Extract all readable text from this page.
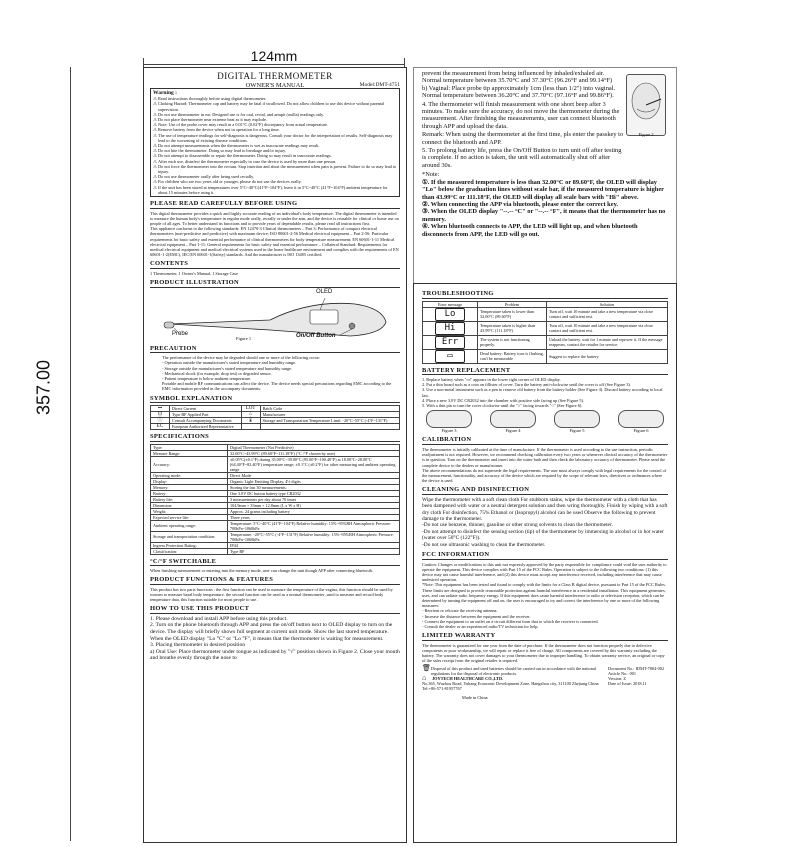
124mm
357.00
DIGITAL THERMOMETER
OWNER'S MANUAL	Model:DMT-4751
Warning :
⚠ Read instructions thoroughly before using digital thermometer.
⚠ Choking Hazard: Thermometer cap and battery may be fatal if swallowed. Do not allow children to use this device without parental supervision.
⚠ Do not use thermometer in ear. Designed use is for oral, rectal, and armpit (axilla) readings only.
⚠ Do not place thermometer near extreme heat as it may explode.
⚠ Note: Use of the probe cover may result in a 0.01°C (0.02°F) discrepancy from actual temperature.
⚠ Remove battery from the device when not in operation for a long time.
⚠ The use of temperature readings for self-diagnosis is dangerous. Consult your doctor for the interpretation of results. Self-diagnosis may lead to the worsening of existing disease conditions.
⚠ Do not attempt measurements when the thermometer is wet as inaccurate readings may result.
⚠ Do not bite the thermometer. Doing so may lead to breakage and/or injury.
⚠ Do not attempt to disassemble or repair the thermometer. Doing so may result in inaccurate readings.
⚠ After each use, disinfect the thermometer especially in case the device is used by more than one person.
⚠ Do not force the thermometer into the rectum. Stop insertion and abort the measurement when pain is present. Failure to do so may lead to injury.
⚠ Do not use thermometer orally after being used rectally.
⚠ For children who are two years old or younger, please do not use the devices orally.
⚠ If the unit has been stored at temperatures over 5°C~40°C(41°F~104°F), leave it in 5°C~40°C (41°F~104°F) ambient temperature for about 15 minutes before using it.
PLEASE READ CAREFULLY BEFORE USING
This digital thermometer provides a quick and highly accurate reading of an individual's body temperature. The digital thermometer is intended to measure the human body's temperature in regular mode orally, rectally or under the arm, and the device is reusable for clinical or home use on people of all ages. To better understand its functions and to provide years of dependable results, please read all instructions first.
This appliance conforms to the following standards: EN 12470-3 Clinical thermometers – Part 3: Performance of compact electrical thermometers (non-predictive and predictive) with maximum device; ISO 80601-2-56 Medical electrical equipment – Part 2-56: Particular requirements for basic safety and essential performance of clinical thermometers for body temperature measurement; EN 60601-1-11 Medical electrical equipment – Part 1-11: General requirements for basic safety and essential performance – Collateral Standard: Requirements for medical electrical equipment and medical electrical systems used in the home healthcare environment and complies with the requirements of EN 60601-1-2(EMC), IEC/EN 60601-1(Safety) standards. And the manufacturer is ISO 13485 certified.
CONTENTS
1 Thermometer, 1 Owner's Manual, 1 Storage Case
PRODUCT ILLUSTRATION
OLED
Probe	On/Off Button
Figure 1
PRECAUTION
The performance of the device may be degraded should one or more of the following occur:
- Operation outside the manufacturer's stated temperature and humidity range.
- Storage outside the manufacturer's stated temperature and humidity range.
- Mechanical shock (for example, drop test) or degraded sensor.
- Patient temperature is below ambient temperature.
Portable and mobile RF communications can affect the device. The device needs special precautions regarding EMC according to the EMC information provided in the accompany documents.
SYMBOL EXPLANATION
⎓	Direct Current	LOT	Batch Code
⊡	Type BF Applied Part	⌂	Manufacturer
ⓘ	Consult Accompanying Documents	🌡	Storage and Transportation Temperature Limit: -20°C~55°C (-4°F~131°F)
EC	European Authorized Representative		
SPECIFICATIONS
Type:	Digital Thermometer (Not Predictive)
Measure Range:	32.00°C~43.99°C (89.60°F~111.18°F) (°C /°F chosen by user)
Accuracy:	±0.05°C(±0.1°F) during 35.00°C~39.00°C (95.00°F~100.40°F) at 18.00°C~28.00°C (64.40°F~82.40°F) temperature range; ±0.1°C (±0.2°F) for other measuring and ambient operating range
Operating mode:	Direct Mode
Display:	Organic Light Emitting Display, 4½ digits
Memory:	Storing the last 30 measurements.
Battery:	One 3.0V DC button battery type CR2032
Battery life:	3 measurements per day about 70 times
Dimension:	104.9mm × 33mm × 12.8mm (L x W x H)
Weight:	Approx. 24 grams including battery
Expected service life:	Three years
Ambient operating range:	Temperature: 5°C~40°C (41°F~104°F) Relative humidity: 15%~95%RH Atmospheric Pressure: 700hPa~1060hPa
Storage and transportation condition:	Temperature: -20°C~55°C (-4°F~131°F) Relative humidity: 15%~95%RH Atmospheric Pressure: 700hPa~1060hPa
Ingress Protection Rating:	IP44
Classification:	Type BF
°C/°F SWITCHABLE
When finishing measurement or entering into the memory mode, user can change the unit though APP after connecting bluetooth.
PRODUCT FUNCTIONS & FEATURES
This product has two parts functions : the first function can be used to measure the temperature of the vagina, this function should be used by women to measure basal body temperature. the second function can be used as a normal thermometer ,used to measure and record body temperature data, this function suitable for most people to use .
HOW TO USE THIS PRODUCT
1. Please download and install APP before using this product.
2. Turn on the phone bluetooth through APP and press the on/off button next to OLED display to turn on the device. The display will briefly shows full segment at current unit mode. Show the last stored temperature. When the OLED display "Lo °C" or "Lo °F", it means that the thermometer is waiting for measurement.
3. Placing thermometer in desired position
a) Oral Use: Place thermometer under tongue as indicated by "√" position shown in Figure 2. Close your mouth and breathe evenly through the nose to
prevent the measurement from being influenced by inhaled/exhaled air.
Normal temperature between 35.70°C and 37.30°C (96.26°F and 99.14°F)
b) Vaginal: Place probe tip approximately 1cm (less than 1/2") into vaginal. Normal temperature between 36.20°C and 37.70°C (97.16°F and 99.86°F).
4. The thermometer will finish measurement with one short beep after 3 minutes. To make sure the accuracy, do not move the thermometer during the measurement. After finishing the measurements, user can connect bluetooth through APP and upload the data.
Remark: When using the thermometer at the first time, pls enter the passkey to connect the bluetooth and APP.
5. To prolong battery life, press the On/Off Button to turn unit off after testing is complete. If no action is taken, the unit will automatically shut off after around 30s.
Figure 2
*Note:
①. If the measured temperature is less than 32.00°C or 89.60°F, the OLED will display "Lo" below the graduation lines without scale bar, if the measured temperature is higher than 43.99°C or 111.18°F, the OLED will display all scale bars with "Hi" above.
②. When connecting the APP via bluetooth, please enter the correct key.
③. When the OLED display "--.-- °C" or "--.-- °F", it means that the thermometer has no memory.
④. When bluetooth connects to APP, the LED will light up, and when bluetooth disconnects from APP, the LED will go out.
TROUBLESHOOTING
Error message	Problem	Solution
Lo	Temperature taken is lower than 32.00°C (89.60°F)	Turn off, wait 10 minute and take a new temperature via close contact and sufficient rest.
Hi	Temperature taken is higher than 43.99°C (111.18°F)	Turn off, wait 10 minute and take a new temperature via close contact and sufficient rest.
Err	The system is not functioning properly.	Unload the battery, wait for 1 minute and repower it. If the message reappears, contact the retailer for service.
▭	Dead battery: Battery icon is flashing, can't be measurable	Suggest to replace the battery.
BATTERY REPLACEMENT
1. Replace battery when "▭" appears in the lower right corner of OLED display.
2. Put a thin board such as a coin on fillister of cover. Turn the battery anti-clockwise until the cover is off (See Figure 3).
3. Use a non-metal instrument such as a pen to remove old battery from the battery holder (See Figure 4). Discard battery according to local law.
4. Place a new 3.0V DC CR2032 into the chamber with positive side facing up (See Figure 5).
5. With a thin pin to turn the cover clockwise until the "○" facing towards "○" (See Figure 6).
Figure 3	Figure 4	Figure 5	Figure 6
CALIBRATION
The thermometer is initially calibrated at the time of manufacture. If the thermometer is used according to the use instruction, periodic readjustment is not required. However, we recommend checking calibration every two years or whenever clinical accuracy of the thermometer is in question. Turn on the thermometer and insert into the water bath and then check the laboratory accuracy of thermometer. Please send the complete device to the dealers or manufacturer.
The above recommendations do not supersede the legal requirements. The user must always comply with legal requirements for the control of the measurement, functionality, and accuracy of the device which are required by the scope of relevant laws, directives or ordinances where the device is used.
CLEANING AND DISINFECTION
Wipe the thermometer with a soft clean cloth For stubborn stains, wipe the thermometer with a cloth that has been dampened with water or a neutral detergent solution and then wring thoroughly. Finish by wiping with a soft dry cloth For disinfection, 75% Ethanol or (Isopropyl) alcohol can be used Observe the following to prevent damage to the thermometer.
-Do not use benzene, thinner, gasoline or other strong solvents to clean the thermometer.
-Do not attempt to disinfect the sensing section (tip) of the thermometer by immersing in alcohol or in hot water (water over 50°C (122°F)).
-Do not use ultrasonic washing to clean the thermometer.
FCC INFORMATION
Caution: Changes or modifications to this unit not expressly approved by the party responsible for compliance could void the user authority to operate the equipment. This device complies with Part 15 of the FCC Rules. Operation is subject to the following two conditions: (1) this device may not cause harmful interference, and (2) this device must accept any interference received, including interference that may cause undesired operation.
*Note: This equipment has been tested and found to comply with the limits for a Class B digital device, pursuant to Part 15 of the FCC Rules. These limits are designed to provide reasonable protection against harmful interference in a residential installation. This equipment generates, uses, and can radiate radio frequency energy. If this equipment does cause harmful interference to radio or television reception, which can be determined by turning the equipment off and on, the user is encouraged to try and correct the interference by one or more of the following measures:
- Reorient or relocate the receiving antenna.
- Increase the distance between the equipment and the receiver.
- Connect the equipment to an outlet on a circuit different from that to which the receiver is connected.
- Consult the dealer or an experienced radio/TV technician for help.
LIMITED WARRANTY
The thermometer is guaranteed for one year from the date of purchase. If the thermometer does not function properly due to defective components or poor workmanship, we will repair or replace it free of charge. All components are covered by this warranty excluding the battery. The warranty does not cover damages to your thermometer due to improper handling. To obtain warranty service, an original or copy of the sales receipt from the original retailer is required.
🗑 Disposal of this product and used batteries should be carried out in accordance with the national regulations for the disposal of electronic products.
⌂	JOYTECH HEALTHCARE CO.,LTD.
No.365, Wuzhou Road, Yuhang Economic Development Zone, Hangzhou city, 311100 Zhejiang China
Tel:+86-571-81957767
Made in China
Document No.: IDMT-7804-002
Article No.: 001
Version: Z
Date of Issue: 2018.11
